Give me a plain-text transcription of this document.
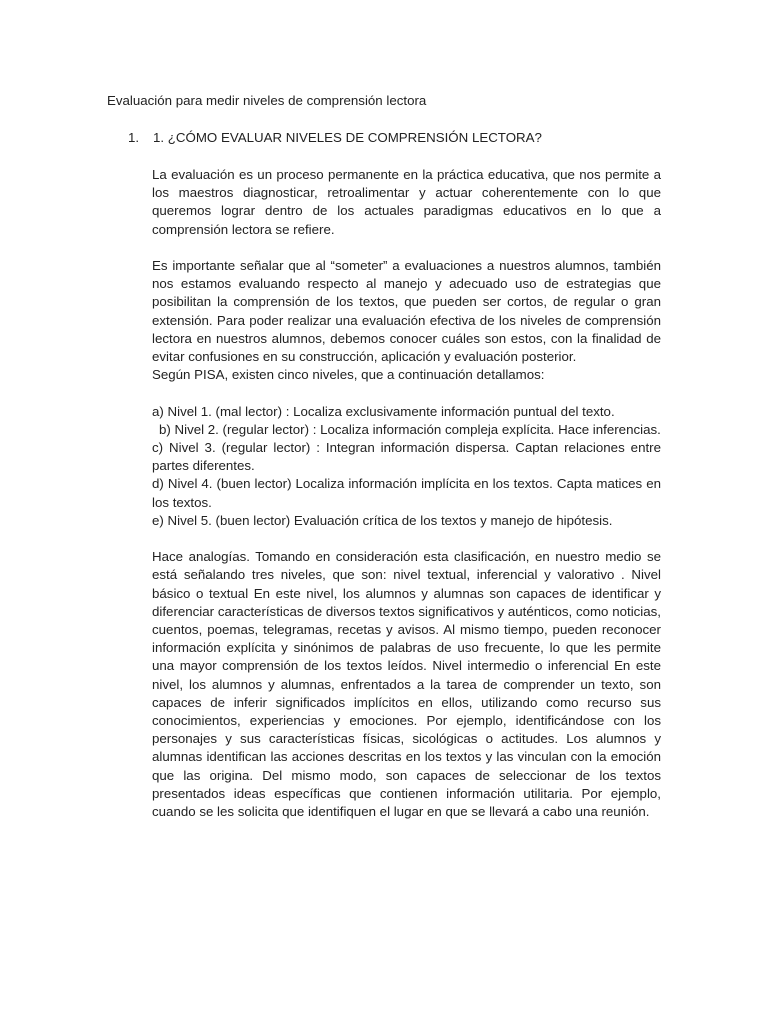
Evaluación para medir niveles de comprensión lectora
1. 1. ¿CÓMO EVALUAR NIVELES DE COMPRENSIÓN LECTORA?

La evaluación es un proceso permanente en la práctica educativa, que nos permite a los maestros diagnosticar, retroalimentar y actuar coherentemente con lo que queremos lograr dentro de los actuales paradigmas educativos en lo que a comprensión lectora se refiere.

Es importante señalar que al “someter” a evaluaciones a nuestros alumnos, también nos estamos evaluando respecto al manejo y adecuado uso de estrategias que posibilitan la comprensión de los textos, que pueden ser cortos, de regular o gran extensión. Para poder realizar una evaluación efectiva de los niveles de comprensión lectora en nuestros alumnos, debemos conocer cuáles son estos, con la finalidad de evitar confusiones en su construcción, aplicación y evaluación posterior.

Según PISA, existen cinco niveles, que a continuación detallamos:

a) Nivel 1. (mal lector) : Localiza exclusivamente información puntual del texto.

b) Nivel 2. (regular lector) : Localiza información compleja explícita. Hace inferencias.

c) Nivel 3. (regular lector) : Integran información dispersa. Captan relaciones entre partes diferentes.

d) Nivel 4. (buen lector) Localiza información implícita en los textos. Capta matices en los textos.

e) Nivel 5. (buen lector) Evaluación crítica de los textos y manejo de hipótesis.

Hace analogías. Tomando en consideración esta clasificación, en nuestro medio se está señalando tres niveles, que son: nivel textual, inferencial y valorativo . Nivel básico o textual En este nivel, los alumnos y alumnas son capaces de identificar y diferenciar características de diversos textos significativos y auténticos, como noticias, cuentos, poemas, telegramas, recetas y avisos. Al mismo tiempo, pueden reconocer información explícita y sinónimos de palabras de uso frecuente, lo que les permite una mayor comprensión de los textos leídos. Nivel intermedio o inferencial En este nivel, los alumnos y alumnas, enfrentados a la tarea de comprender un texto, son capaces de inferir significados implícitos en ellos, utilizando como recurso sus conocimientos, experiencias y emociones. Por ejemplo, identificándose con los personajes y sus características físicas, sicológicas o actitudes. Los alumnos y alumnas identifican las acciones descritas en los textos y las vinculan con la emoción que las origina. Del mismo modo, son capaces de seleccionar de los textos presentados ideas específicas que contienen información utilitaria. Por ejemplo, cuando se les solicita que identifiquen el lugar en que se llevará a cabo una reunión.
